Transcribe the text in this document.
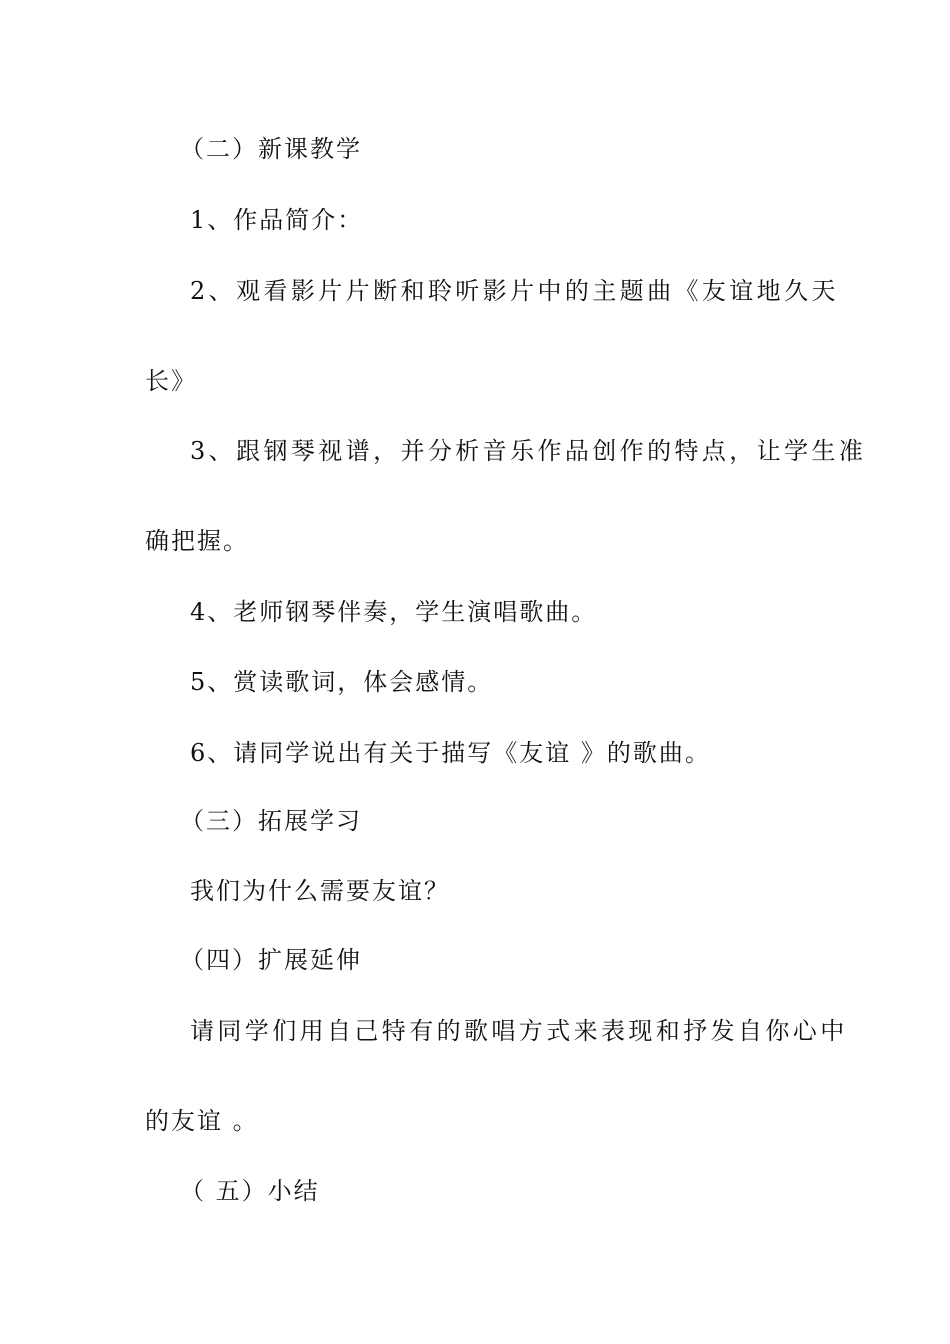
（二）新课教学
1、作品简介：
2、观看影片片断和聆听影片中的主题曲《友谊地久天
长》
3、跟钢琴视谱，并分析音乐作品创作的特点，让学生准
确把握。
4、老师钢琴伴奏，学生演唱歌曲。
5、赏读歌词，体会感情。
6、请同学说出有关于描写《友谊 》的歌曲。
（三）拓展学习
我们为什么需要友谊？
（四）扩展延伸
请同学们用自己特有的歌唱方式来表现和抒发自你心中
的友谊 。
（ 五）小结
